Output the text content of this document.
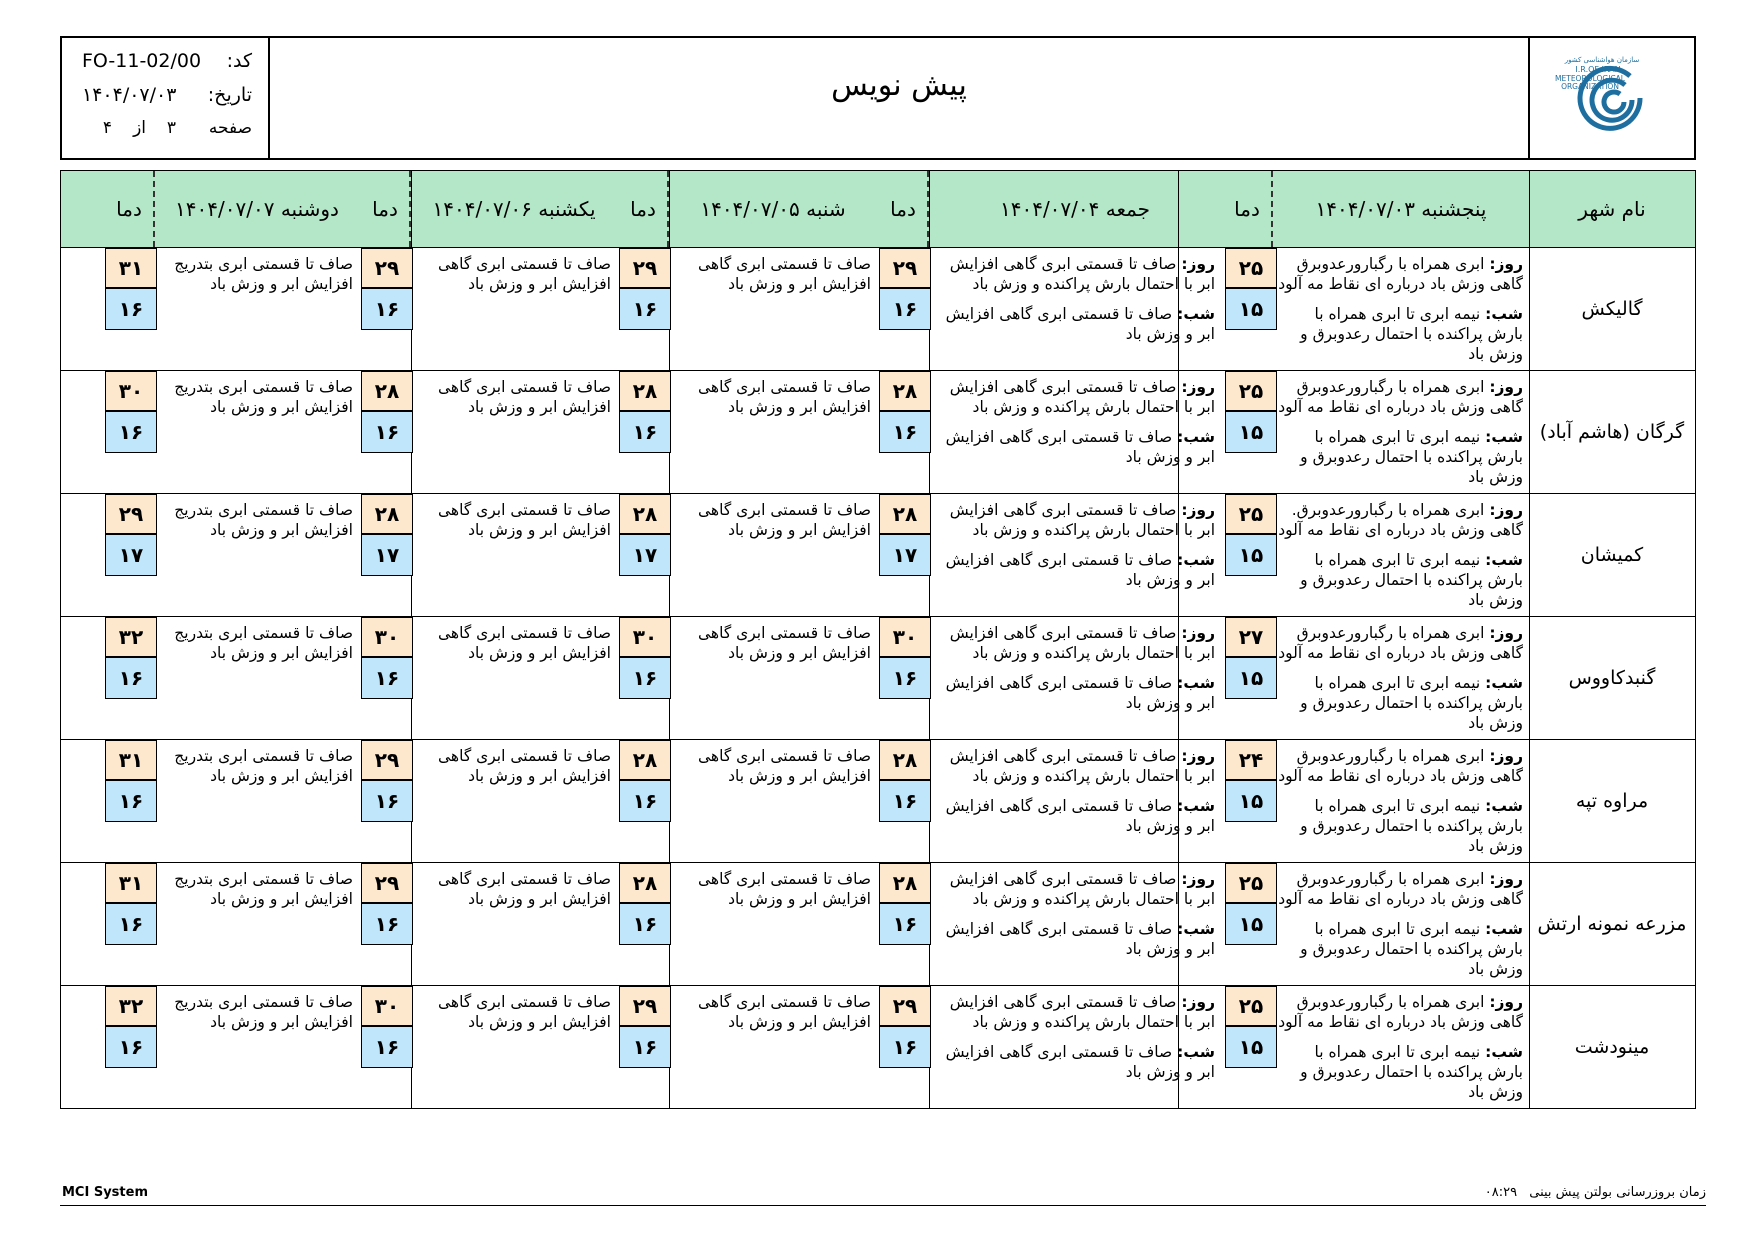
کد:
FO-11-02/00
تاریخ:
۱۴۰۴/۰۷/۰۳
صفحه
۳
از
۴
پیش نویس
سازمان هواشناسی کشور
I.R.OF IRAN
METEOROLOGICAL
ORGANIZATION
نام شهر
پنجشنبه ۱۴۰۴/۰۷/۰۳
دما
جمعه ۱۴۰۴/۰۷/۰۴
دما
شنبه ۱۴۰۴/۰۷/۰۵
دما
یکشنبه ۱۴۰۴/۰۷/۰۶
دما
دوشنبه ۱۴۰۴/۰۷/۰۷
دما
گالیکش
روز: ابری همراه با رگبارورعدوبرق گاهی وزش باد درباره ای نقاط مه آلود
شب: نیمه ابری تا ابری همراه با بارش پراکنده با احتمال رعدوبرق و وزش باد
۲۵
۱۵
روز: صاف تا قسمتی ابری گاهی افزایش ابر با احتمال بارش پراکنده و وزش باد
شب: صاف تا قسمتی ابری گاهی افزایش ابر و وزش باد
۲۹
۱۶
صاف تا قسمتی ابری گاهی افزایش ابر و وزش باد
۲۹
۱۶
صاف تا قسمتی ابری گاهی افزایش ابر و وزش باد
۲۹
۱۶
صاف تا قسمتی ابری بتدریج افزایش ابر و وزش باد
۳۱
۱۶
گرگان (هاشم آباد)
روز: ابری همراه با رگبارورعدوبرق گاهی وزش باد درباره ای نقاط مه آلود
شب: نیمه ابری تا ابری همراه با بارش پراکنده با احتمال رعدوبرق و وزش باد
۲۵
۱۵
روز: صاف تا قسمتی ابری گاهی افزایش ابر با احتمال بارش پراکنده و وزش باد
شب: صاف تا قسمتی ابری گاهی افزایش ابر و وزش باد
۲۸
۱۶
صاف تا قسمتی ابری گاهی افزایش ابر و وزش باد
۲۸
۱۶
صاف تا قسمتی ابری گاهی افزایش ابر و وزش باد
۲۸
۱۶
صاف تا قسمتی ابری بتدریج افزایش ابر و وزش باد
۳۰
۱۶
کمیشان
روز: ابری همراه با رگبارورعدوبرق. گاهی وزش باد درباره ای نقاط مه آلود
شب: نیمه ابری تا ابری همراه با بارش پراکنده با احتمال رعدوبرق و وزش باد
۲۵
۱۵
روز: صاف تا قسمتی ابری گاهی افزایش ابر با احتمال بارش پراکنده و وزش باد
شب: صاف تا قسمتی ابری گاهی افزایش ابر و وزش باد
۲۸
۱۷
صاف تا قسمتی ابری گاهی افزایش ابر و وزش باد
۲۸
۱۷
صاف تا قسمتی ابری گاهی افزایش ابر و وزش باد
۲۸
۱۷
صاف تا قسمتی ابری بتدریج افزایش ابر و وزش باد
۲۹
۱۷
گنبدکاووس
روز: ابری همراه با رگبارورعدوبرق گاهی وزش باد درباره ای نقاط مه آلود
شب: نیمه ابری تا ابری همراه با بارش پراکنده با احتمال رعدوبرق و وزش باد
۲۷
۱۵
روز: صاف تا قسمتی ابری گاهی افزایش ابر با احتمال بارش پراکنده و وزش باد
شب: صاف تا قسمتی ابری گاهی افزایش ابر و وزش باد
۳۰
۱۶
صاف تا قسمتی ابری گاهی افزایش ابر و وزش باد
۳۰
۱۶
صاف تا قسمتی ابری گاهی افزایش ابر و وزش باد
۳۰
۱۶
صاف تا قسمتی ابری بتدریج افزایش ابر و وزش باد
۳۲
۱۶
مراوه تپه
روز: ابری همراه با رگبارورعدوبرق گاهی وزش باد درباره ای نقاط مه آلود
شب: نیمه ابری تا ابری همراه با بارش پراکنده با احتمال رعدوبرق و وزش باد
۲۴
۱۵
روز: صاف تا قسمتی ابری گاهی افزایش ابر با احتمال بارش پراکنده و وزش باد
شب: صاف تا قسمتی ابری گاهی افزایش ابر و وزش باد
۲۸
۱۶
صاف تا قسمتی ابری گاهی افزایش ابر و وزش باد
۲۸
۱۶
صاف تا قسمتی ابری گاهی افزایش ابر و وزش باد
۲۹
۱۶
صاف تا قسمتی ابری بتدریج افزایش ابر و وزش باد
۳۱
۱۶
مزرعه نمونه ارتش
روز: ابری همراه با رگبارورعدوبرق گاهی وزش باد درباره ای نقاط مه آلود
شب: نیمه ابری تا ابری همراه با بارش پراکنده با احتمال رعدوبرق و وزش باد
۲۵
۱۵
روز: صاف تا قسمتی ابری گاهی افزایش ابر با احتمال بارش پراکنده و وزش باد
شب: صاف تا قسمتی ابری گاهی افزایش ابر و وزش باد
۲۸
۱۶
صاف تا قسمتی ابری گاهی افزایش ابر و وزش باد
۲۸
۱۶
صاف تا قسمتی ابری گاهی افزایش ابر و وزش باد
۲۹
۱۶
صاف تا قسمتی ابری بتدریج افزایش ابر و وزش باد
۳۱
۱۶
مینودشت
روز: ابری همراه با رگبارورعدوبرق گاهی وزش باد درباره ای نقاط مه آلود
شب: نیمه ابری تا ابری همراه با بارش پراکنده با احتمال رعدوبرق و وزش باد
۲۵
۱۵
روز: صاف تا قسمتی ابری گاهی افزایش ابر با احتمال بارش پراکنده و وزش باد
شب: صاف تا قسمتی ابری گاهی افزایش ابر و وزش باد
۲۹
۱۶
صاف تا قسمتی ابری گاهی افزایش ابر و وزش باد
۲۹
۱۶
صاف تا قسمتی ابری گاهی افزایش ابر و وزش باد
۳۰
۱۶
صاف تا قسمتی ابری بتدریج افزایش ابر و وزش باد
۳۲
۱۶
MCI System	زمان بروزرسانی بولتن پیش بینی ۰۸:۲۹
